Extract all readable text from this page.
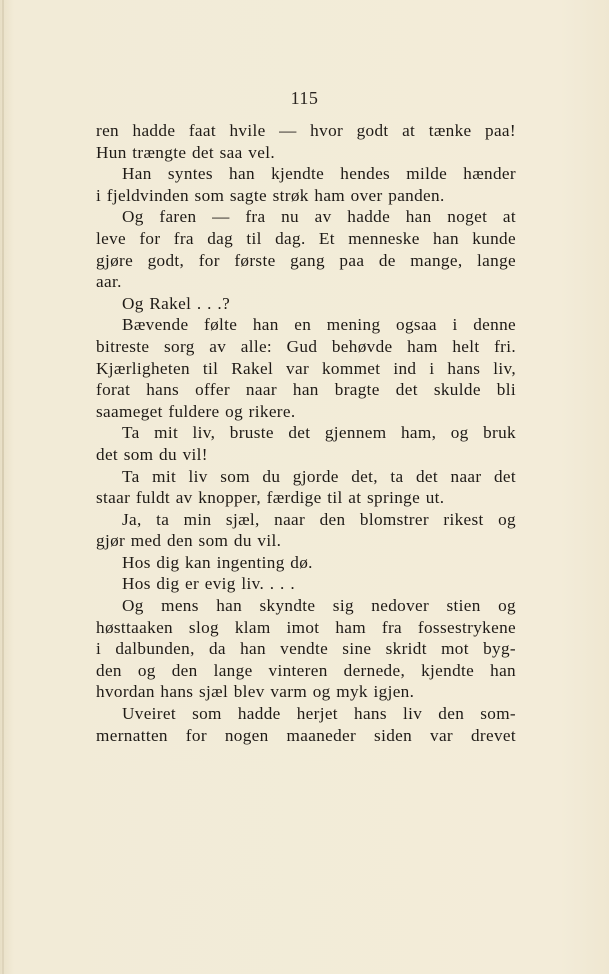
115
ren hadde faat hvile — hvor godt at tænke paa!
Hun trængte det saa vel.
Han syntes han kjendte hendes milde hænder
i fjeldvinden som sagte strøk ham over panden.
Og faren — fra nu av hadde han noget at
leve for fra dag til dag. Et menneske han kunde
gjøre godt, for første gang paa de mange, lange
aar.
Og Rakel . . .?
Bævende følte han en mening ogsaa i denne
bitreste sorg av alle: Gud behøvde ham helt fri.
Kjærligheten til Rakel var kommet ind i hans liv,
forat hans offer naar han bragte det skulde bli
saameget fuldere og rikere.
Ta mit liv, bruste det gjennem ham, og bruk
det som du vil!
Ta mit liv som du gjorde det, ta det naar det
staar fuldt av knopper, færdige til at springe ut.
Ja, ta min sjæl, naar den blomstrer rikest og
gjør med den som du vil.
Hos dig kan ingenting dø.
Hos dig er evig liv. . . .
Og mens han skyndte sig nedover stien og
høsttaaken slog klam imot ham fra fossestrykene
i dalbunden, da han vendte sine skridt mot byg-
den og den lange vinteren dernede, kjendte han
hvordan hans sjæl blev varm og myk igjen.
Uveiret som hadde herjet hans liv den som-
mernatten for nogen maaneder siden var drevet
